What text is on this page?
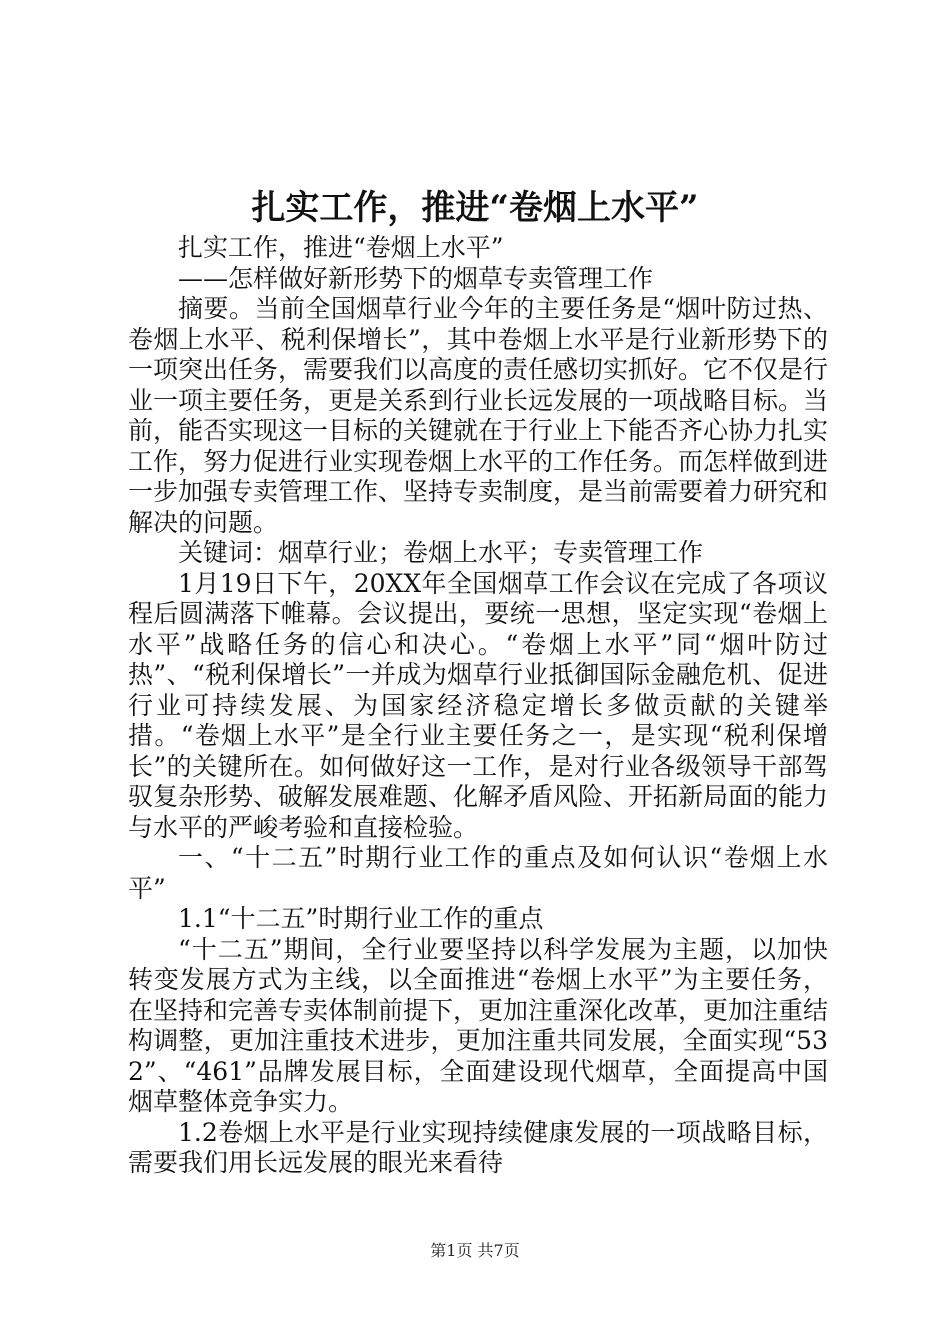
扎实工作，推进“卷烟上水平”

扎实工作，推进“卷烟上水平”

——怎样做好新形势下的烟草专卖管理工作

摘要。当前全国烟草行业今年的主要任务是“烟叶防过热、卷烟上水平、税利保增长”，其中卷烟上水平是行业新形势下的一项突出任务，需要我们以高度的责任感切实抓好。它不仅是行业一项主要任务，更是关系到行业长远发展的一项战略目标。当前，能否实现这一目标的关键就在于行业上下能否齐心协力扎实工作，努力促进行业实现卷烟上水平的工作任务。而怎样做到进一步加强专卖管理工作、坚持专卖制度，是当前需要着力研究和解决的问题。

关键词：烟草行业；卷烟上水平；专卖管理工作

1月19日下午，20XX年全国烟草工作会议在完成了各项议程后圆满落下帷幕。会议提出，要统一思想，坚定实现“卷烟上水平”战略任务的信心和决心。“卷烟上水平”同“烟叶防过热”、“税利保增长”一并成为烟草行业抵御国际金融危机、促进行业可持续发展、为国家经济稳定增长多做贡献的关键举措。“卷烟上水平”是全行业主要任务之一，是实现“税利保增长”的关键所在。如何做好这一工作，是对行业各级领导干部驾驭复杂形势、破解发展难题、化解矛盾风险、开拓新局面的能力与水平的严峻考验和直接检验。

一、“十二五”时期行业工作的重点及如何认识“卷烟上水平”

1.1“十二五”时期行业工作的重点

“十二五”期间，全行业要坚持以科学发展为主题，以加快转变发展方式为主线，以全面推进“卷烟上水平”为主要任务，在坚持和完善专卖体制前提下，更加注重深化改革，更加注重结构调整，更加注重技术进步，更加注重共同发展，全面实现“532”、“461”品牌发展目标，全面建设现代烟草，全面提高中国烟草整体竞争实力。

1.2卷烟上水平是行业实现持续健康发展的一项战略目标，需要我们用长远发展的眼光来看待

第1页 共7页
